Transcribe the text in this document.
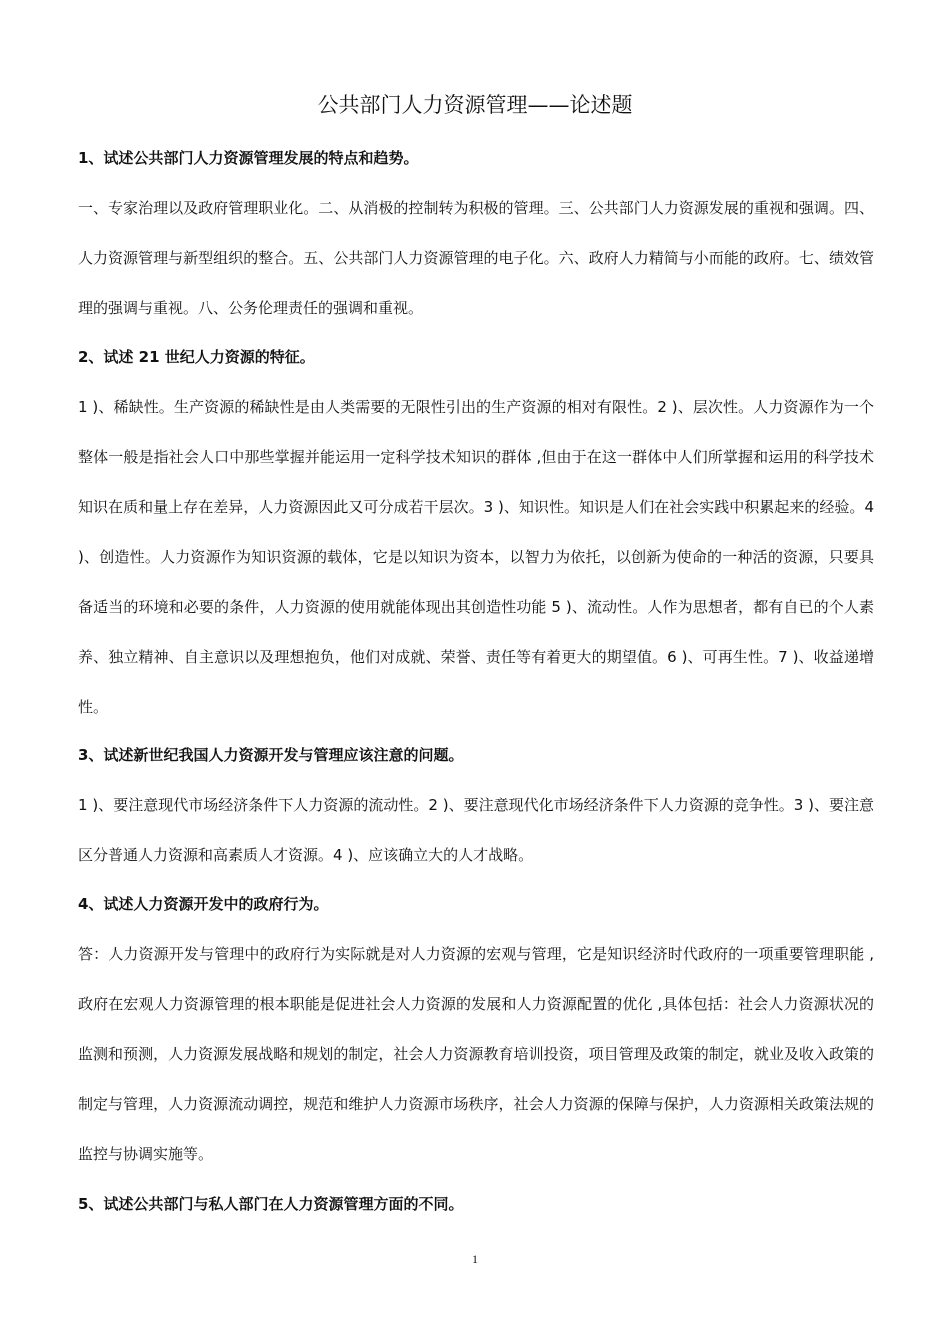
公共部门人力资源管理——论述题
1、试述公共部门人力资源管理发展的特点和趋势。

一、专家治理以及政府管理职业化。二、从消极的控制转为积极的管理。三、公共部门人力资源发展的重视和强调。四、人力资源管理与新型组织的整合。五、公共部门人力资源管理的电子化。六、政府人力精简与小而能的政府。七、绩效管理的强调与重视。八、公务伦理责任的强调和重视。

2、试述 21 世纪人力资源的特征。

1 )、稀缺性。生产资源的稀缺性是由人类需要的无限性引出的生产资源的相对有限性。2 )、层次性。人力资源作为一个整体一般是指社会人口中那些掌握并能运用一定科学技术知识的群体 ,但由于在这一群体中人们所掌握和运用的科学技术知识在质和量上存在差异，人力资源因此又可分成若干层次。3 )、知识性。知识是人们在社会实践中积累起来的经验。4 )、创造性。人力资源作为知识资源的载体，它是以知识为资本，以智力为依托，以创新为使命的一种活的资源，只要具备适当的环境和必要的条件，人力资源的使用就能体现出其创造性功能 5 )、流动性。人作为思想者，都有自已的个人素养、独立精神、自主意识以及理想抱负，他们对成就、荣誉、责任等有着更大的期望值。6 )、可再生性。7 )、收益递增性。

3、试述新世纪我国人力资源开发与管理应该注意的问题。

1 )、要注意现代市场经济条件下人力资源的流动性。2 )、要注意现代化市场经济条件下人力资源的竞争性。3 )、要注意区分普通人力资源和高素质人才资源。4 )、应该确立大的人才战略。

4、试述人力资源开发中的政府行为。

答：人力资源开发与管理中的政府行为实际就是对人力资源的宏观与管理，它是知识经济时代政府的一项重要管理职能 ,政府在宏观人力资源管理的根本职能是促进社会人力资源的发展和人力资源配置的优化 ,具体包括：社会人力资源状况的监测和预测，人力资源发展战略和规划的制定，社会人力资源教育培训投资，项目管理及政策的制定，就业及收入政策的制定与管理，人力资源流动调控，规范和维护人力资源市场秩序，社会人力资源的保障与保护，人力资源相关政策法规的监控与协调实施等。

5、试述公共部门与私人部门在人力资源管理方面的不同。
1
